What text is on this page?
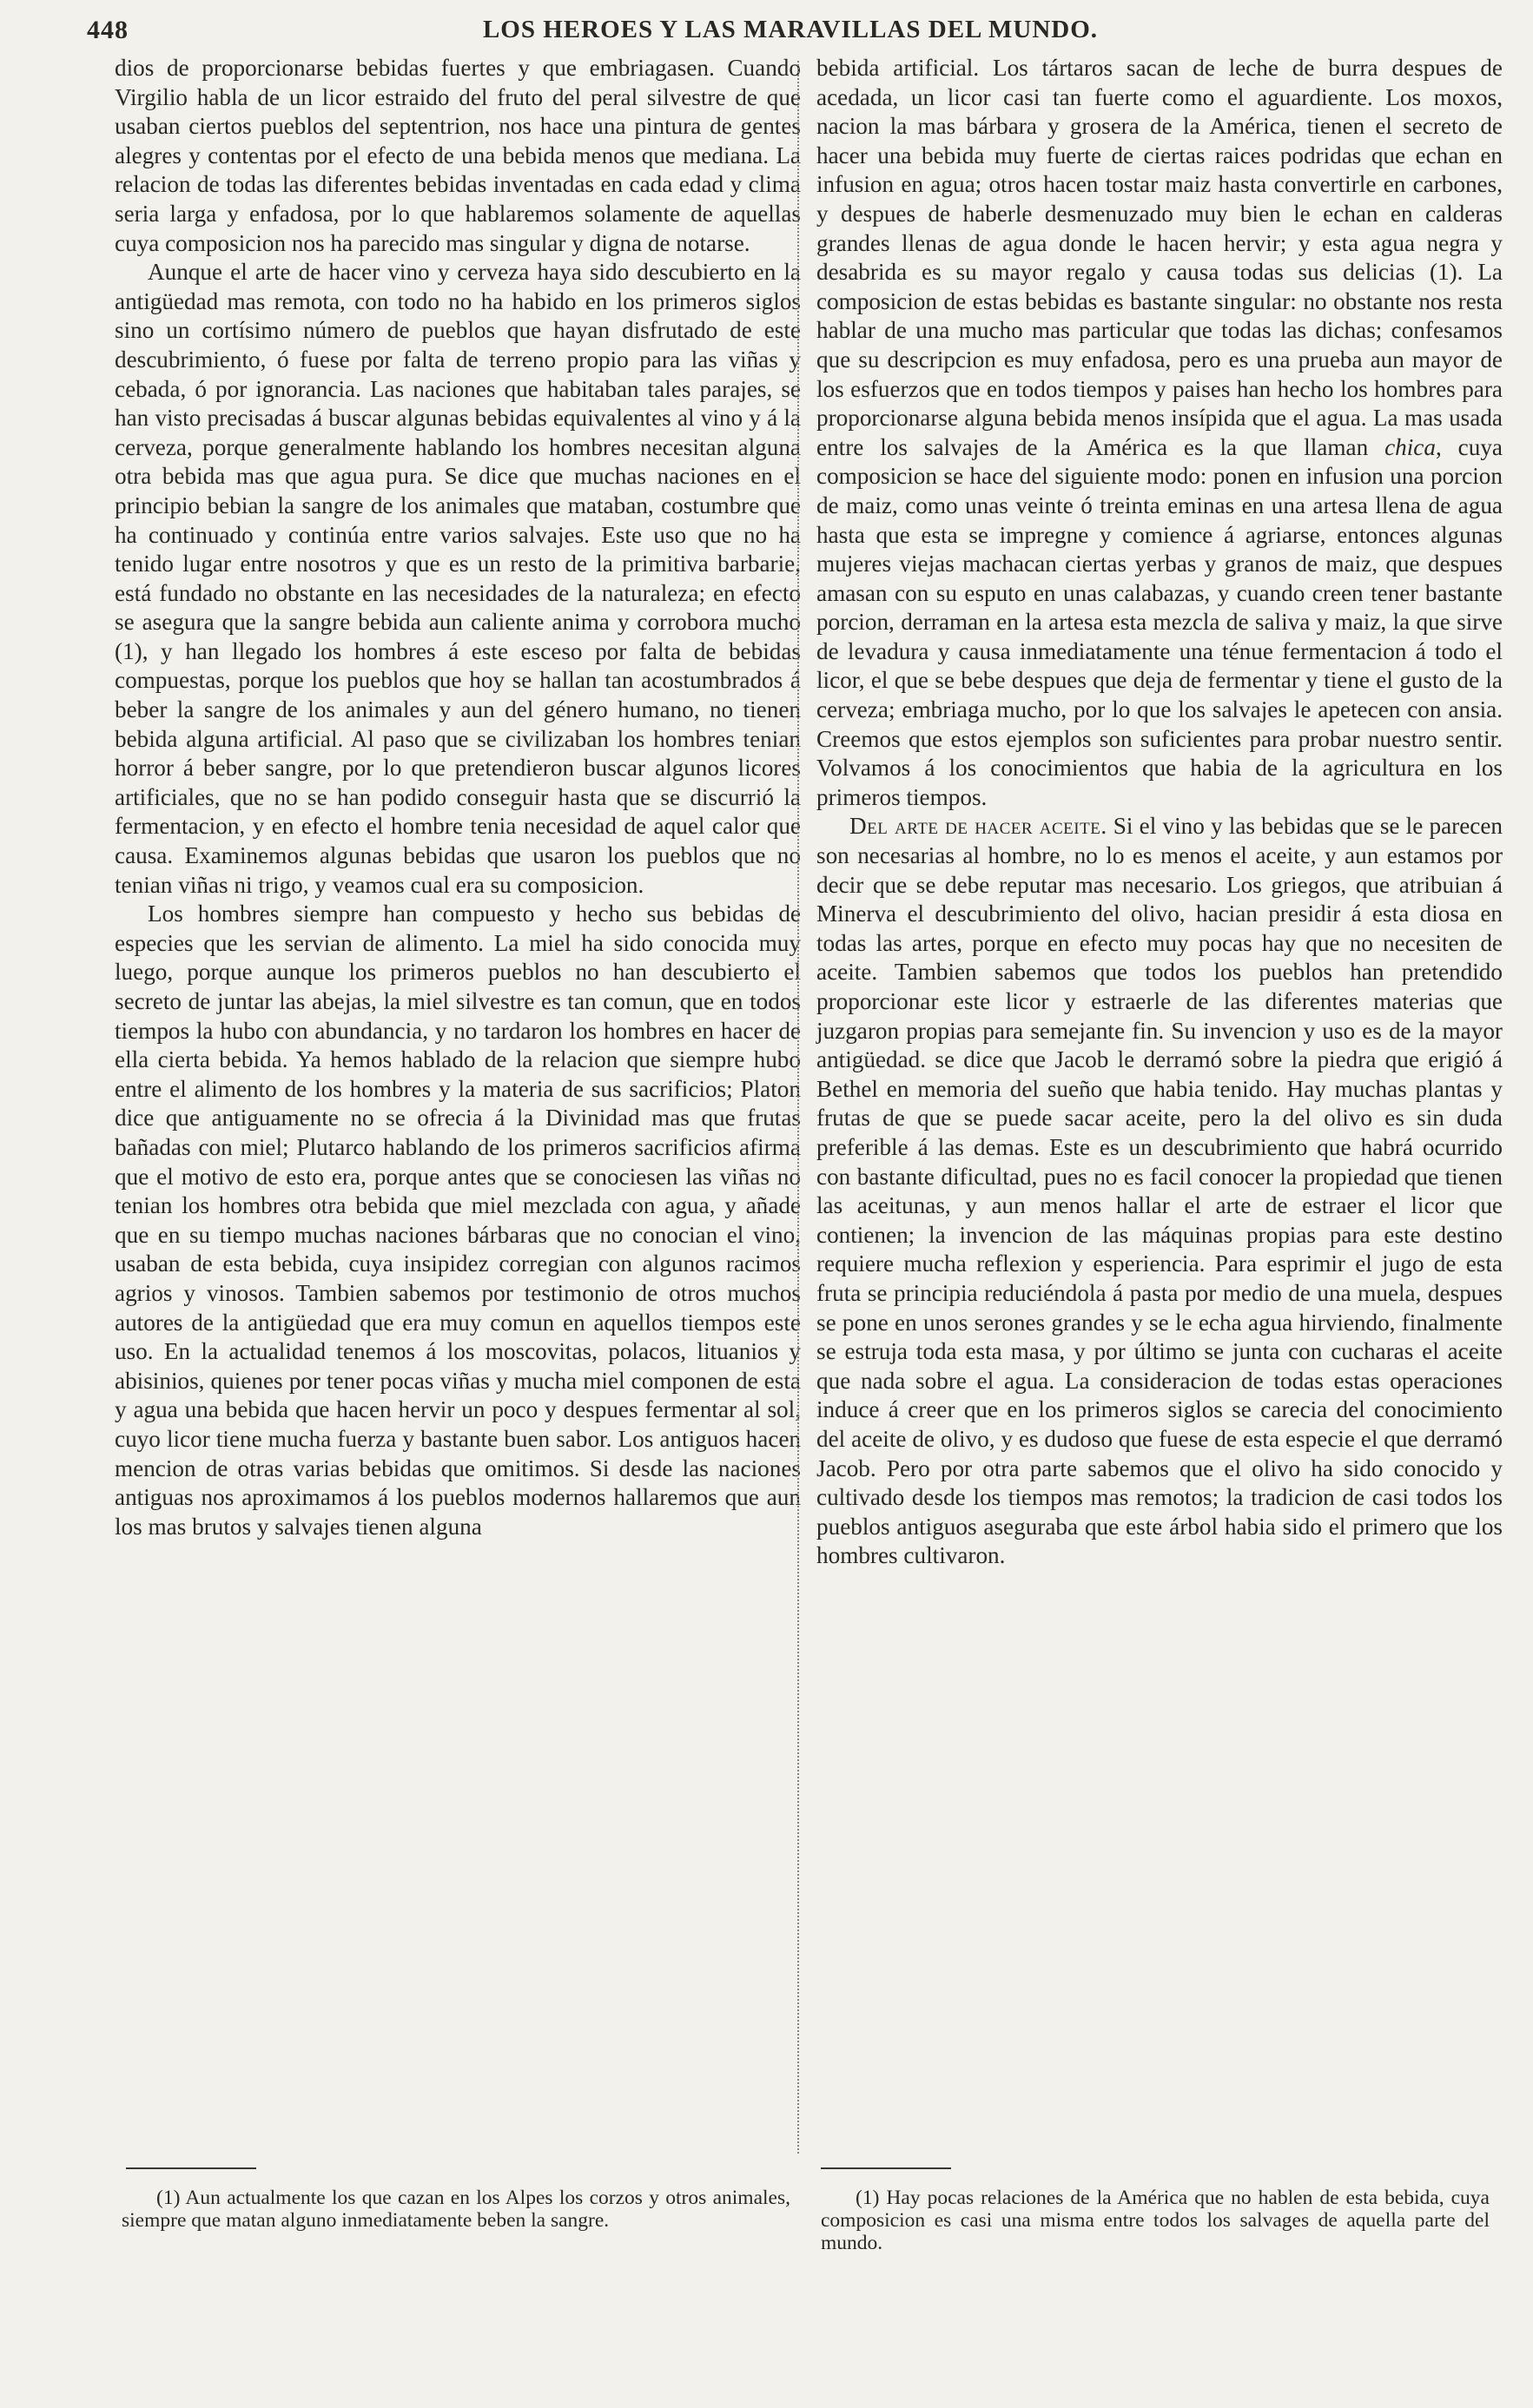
448	LOS HEROES Y LAS MARAVILLAS DEL MUNDO.

dios de proporcionarse bebidas fuertes y que embriagasen. Cuando Virgilio habla de un licor estraido del fruto del peral silvestre de que usaban ciertos pueblos del septentrion, nos hace una pintura de gentes alegres y contentas por el efecto de una bebida menos que mediana. La relacion de todas las diferentes bebidas inventadas en cada edad y clima seria larga y enfadosa, por lo que hablaremos solamente de aquellas cuya composicion nos ha parecido mas singular y digna de notarse.

Aunque el arte de hacer vino y cerveza haya sido descubierto en la antigüedad mas remota, con todo no ha habido en los primeros siglos sino un cortísimo número de pueblos que hayan disfrutado de este descubrimiento, ó fuese por falta de terreno propio para las viñas y cebada, ó por ignorancia. Las naciones que habitaban tales parajes, se han visto precisadas á buscar algunas bebidas equivalentes al vino y á la cerveza, porque generalmente hablando los hombres necesitan alguna otra bebida mas que agua pura. Se dice que muchas naciones en el principio bebian la sangre de los animales que mataban, costumbre que ha continuado y continúa entre varios salvajes. Este uso que no ha tenido lugar entre nosotros y que es un resto de la primitiva barbarie, está fundado no obstante en las necesidades de la naturaleza; en efecto se asegura que la sangre bebida aun caliente anima y corrobora mucho (1), y han llegado los hombres á este esceso por falta de bebidas compuestas, porque los pueblos que hoy se hallan tan acostumbrados á beber la sangre de los animales y aun del género humano, no tienen bebida alguna artificial. Al paso que se civilizaban los hombres tenian horror á beber sangre, por lo que pretendieron buscar algunos licores artificiales, que no se han podido conseguir hasta que se discurrió la fermentacion, y en efecto el hombre tenia necesidad de aquel calor que causa. Examinemos algunas bebidas que usaron los pueblos que no tenian viñas ni trigo, y veamos cual era su composicion.

Los hombres siempre han compuesto y hecho sus bebidas de especies que les servian de alimento. La miel ha sido conocida muy luego, porque aunque los primeros pueblos no han descubierto el secreto de juntar las abejas, la miel silvestre es tan comun, que en todos tiempos la hubo con abundancia, y no tardaron los hombres en hacer de ella cierta bebida. Ya hemos hablado de la relacion que siempre hubo entre el alimento de los hombres y la materia de sus sacrificios; Platon dice que antiguamente no se ofrecia á la Divinidad mas que frutas bañadas con miel; Plutarco hablando de los primeros sacrificios afirma que el motivo de esto era, porque antes que se conociesen las viñas no tenian los hombres otra bebida que miel mezclada con agua, y añade que en su tiempo muchas naciones bárbaras que no conocian el vino, usaban de esta bebida, cuya insipidez corregian con algunos racimos agrios y vinosos. Tambien sabemos por testimonio de otros muchos autores de la antigüedad que era muy comun en aquellos tiempos este uso. En la actualidad tenemos á los moscovitas, polacos, lituanios y abisinios, quienes por tener pocas viñas y mucha miel componen de esta y agua una bebida que hacen hervir un poco y despues fermentar al sol, cuyo licor tiene mucha fuerza y bastante buen sabor. Los antiguos hacen mencion de otras varias bebidas que omitimos. Si desde las naciones antiguas nos aproximamos á los pueblos modernos hallaremos que aun los mas brutos y salvajes tienen alguna

bebida artificial. Los tártaros sacan de leche de burra despues de acedada, un licor casi tan fuerte como el aguardiente. Los moxos, nacion la mas bárbara y grosera de la América, tienen el secreto de hacer una bebida muy fuerte de ciertas raices podridas que echan en infusion en agua; otros hacen tostar maiz hasta convertirle en carbones, y despues de haberle desmenuzado muy bien le echan en calderas grandes llenas de agua donde le hacen hervir; y esta agua negra y desabrida es su mayor regalo y causa todas sus delicias (1). La composicion de estas bebidas es bastante singular: no obstante nos resta hablar de una mucho mas particular que todas las dichas; confesamos que su descripcion es muy enfadosa, pero es una prueba aun mayor de los esfuerzos que en todos tiempos y paises han hecho los hombres para proporcionarse alguna bebida menos insípida que el agua. La mas usada entre los salvajes de la América es la que llaman chica, cuya composicion se hace del siguiente modo: ponen en infusion una porcion de maiz, como unas veinte ó treinta eminas en una artesa llena de agua hasta que esta se impregne y comience á agriarse, entonces algunas mujeres viejas machacan ciertas yerbas y granos de maiz, que despues amasan con su esputo en unas calabazas, y cuando creen tener bastante porcion, derraman en la artesa esta mezcla de saliva y maiz, la que sirve de levadura y causa inmediatamente una ténue fermentacion á todo el licor, el que se bebe despues que deja de fermentar y tiene el gusto de la cerveza; embriaga mucho, por lo que los salvajes le apetecen con ansia. Creemos que estos ejemplos son suficientes para probar nuestro sentir. Volvamos á los conocimientos que habia de la agricultura en los primeros tiempos.

Del arte de hacer aceite. Si el vino y las bebidas que se le parecen son necesarias al hombre, no lo es menos el aceite, y aun estamos por decir que se debe reputar mas necesario. Los griegos, que atribuian á Minerva el descubrimiento del olivo, hacian presidir á esta diosa en todas las artes, porque en efecto muy pocas hay que no necesiten de aceite. Tambien sabemos que todos los pueblos han pretendido proporcionar este licor y estraerle de las diferentes materias que juzgaron propias para semejante fin. Su invencion y uso es de la mayor antigüedad. se dice que Jacob le derramó sobre la piedra que erigió á Bethel en memoria del sueño que habia tenido. Hay muchas plantas y frutas de que se puede sacar aceite, pero la del olivo es sin duda preferible á las demas. Este es un descubrimiento que habrá ocurrido con bastante dificultad, pues no es facil conocer la propiedad que tienen las aceitunas, y aun menos hallar el arte de estraer el licor que contienen; la invencion de las máquinas propias para este destino requiere mucha reflexion y esperiencia. Para esprimir el jugo de esta fruta se principia reduciéndola á pasta por medio de una muela, despues se pone en unos serones grandes y se le echa agua hirviendo, finalmente se estruja toda esta masa, y por último se junta con cucharas el aceite que nada sobre el agua. La consideracion de todas estas operaciones induce á creer que en los primeros siglos se carecia del conocimiento del aceite de olivo, y es dudoso que fuese de esta especie el que derramó Jacob. Pero por otra parte sabemos que el olivo ha sido conocido y cultivado desde los tiempos mas remotos; la tradicion de casi todos los pueblos antiguos aseguraba que este árbol habia sido el primero que los hombres cultivaron.

(1) Aun actualmente los que cazan en los Alpes los corzos y otros animales, siempre que matan alguno inmediatamente beben la sangre.
(1) Hay pocas relaciones de la América que no hablen de esta bebida, cuya composicion es casi una misma entre todos los salvages de aquella parte del mundo.
